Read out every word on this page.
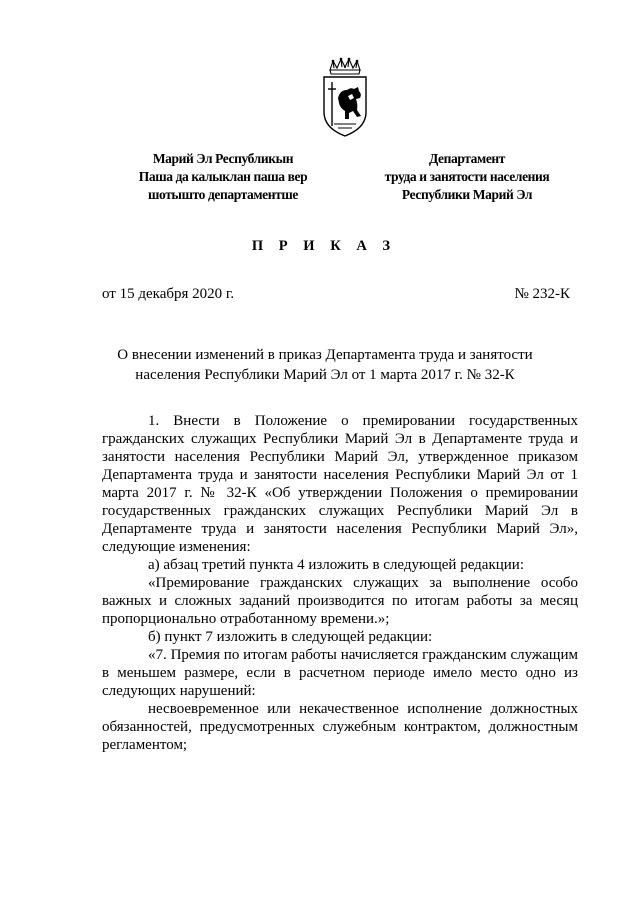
Марий Эл Республикын
Паша да калыклан паша вер
шотышто департаментше
Департамент
труда и занятости населения
Республики Марий Эл
П Р И К А З
от 15 декабря 2020 г.	№ 232-К
О внесении изменений в приказ Департамента труда и занятости
населения Республики Марий Эл от 1 марта 2017 г. № 32-К

1. Внести в Положение о премировании государственных гражданских служащих Республики Марий Эл в Департаменте труда и занятости населения Республики Марий Эл, утвержденное приказом Департамента труда и занятости населения Республики Марий Эл от 1 марта 2017 г. № 32-К «Об утверждении Положения о премировании государственных гражданских служащих Республики Марий Эл в Департаменте труда и занятости населения Республики Марий Эл», следующие изменения:

а) абзац третий пункта 4 изложить в следующей редакции:

«Премирование гражданских служащих за выполнение особо важных и сложных заданий производится по итогам работы за месяц пропорционально отработанному времени.»;

б) пункт 7 изложить в следующей редакции:

«7. Премия по итогам работы начисляется гражданским служащим в меньшем размере, если в расчетном периоде имело место одно из следующих нарушений:

несвоевременное или некачественное исполнение должностных обязанностей, предусмотренных служебным контрактом, должностным регламентом;
